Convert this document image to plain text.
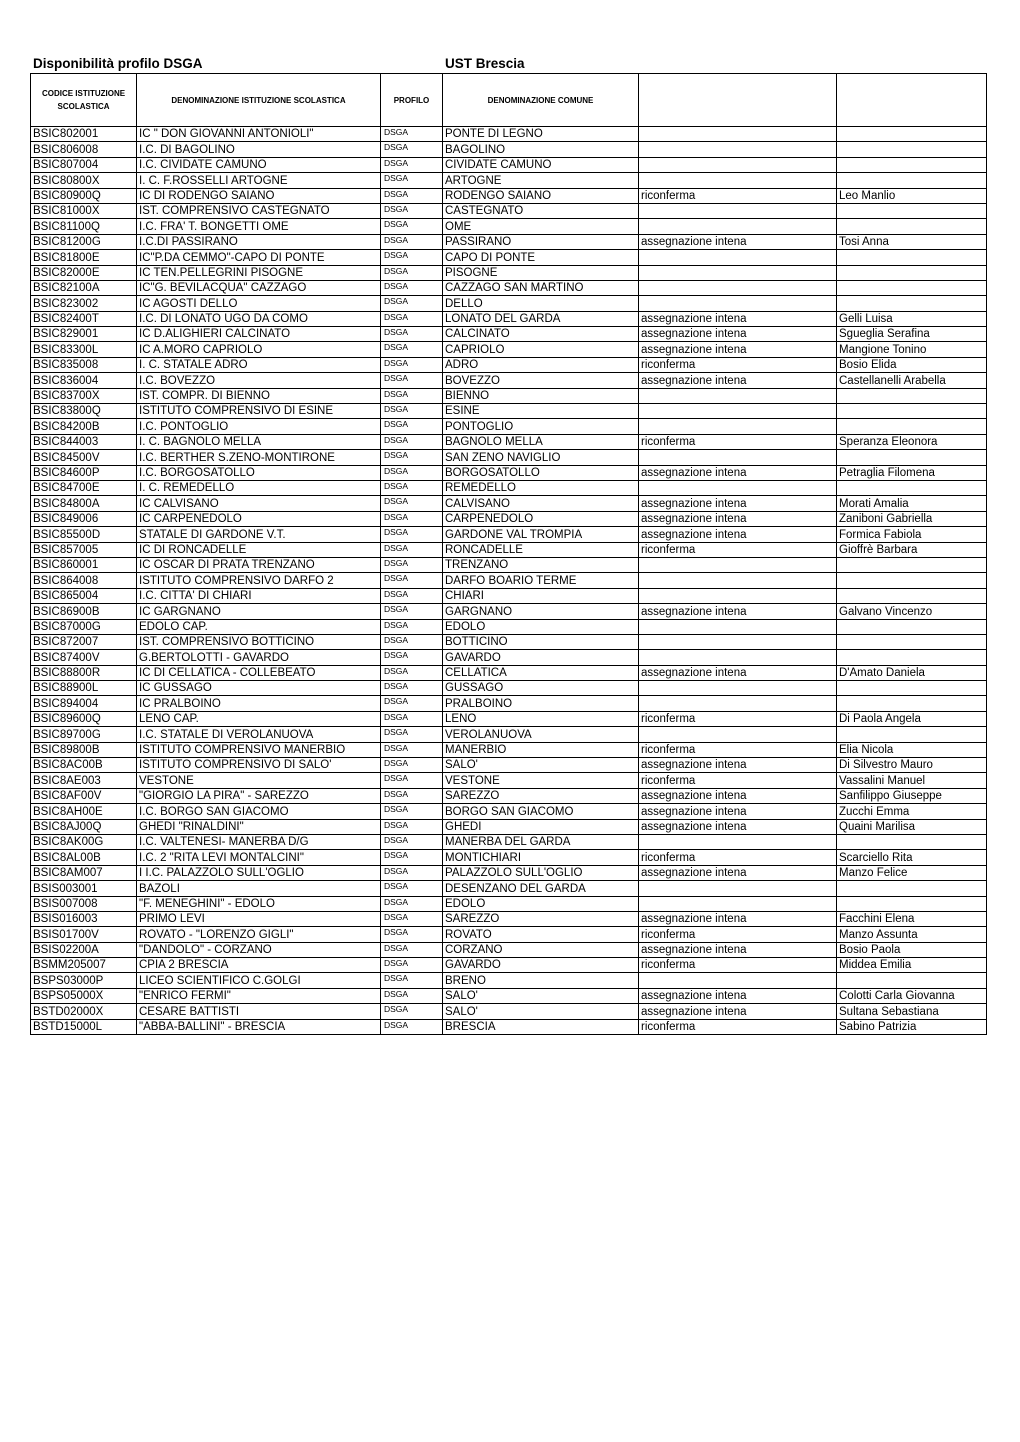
Disponibilità profilo DSGA	UST Brescia
CODICE ISTITUZIONE SCOLASTICA	DENOMINAZIONE ISTITUZIONE SCOLASTICA	PROFILO	DENOMINAZIONE COMUNE		
BSIC802001	IC " DON GIOVANNI ANTONIOLI"	DSGA	PONTE DI LEGNO		
BSIC806008	I.C. DI BAGOLINO	DSGA	BAGOLINO		
BSIC807004	I.C. CIVIDATE CAMUNO	DSGA	CIVIDATE CAMUNO		
BSIC80800X	I. C. F.ROSSELLI ARTOGNE	DSGA	ARTOGNE		
BSIC80900Q	IC DI RODENGO SAIANO	DSGA	RODENGO SAIANO	riconferma	Leo Manlio
BSIC81000X	IST. COMPRENSIVO CASTEGNATO	DSGA	CASTEGNATO		
BSIC81100Q	I.C. FRA' T. BONGETTI OME	DSGA	OME		
BSIC81200G	I.C.DI PASSIRANO	DSGA	PASSIRANO	assegnazione intena	Tosi Anna
BSIC81800E	IC"P.DA CEMMO"-CAPO DI PONTE	DSGA	CAPO DI PONTE		
BSIC82000E	IC TEN.PELLEGRINI PISOGNE	DSGA	PISOGNE		
BSIC82100A	IC"G. BEVILACQUA" CAZZAGO	DSGA	CAZZAGO SAN MARTINO		
BSIC823002	IC AGOSTI DELLO	DSGA	DELLO		
BSIC82400T	I.C. DI LONATO UGO DA COMO	DSGA	LONATO DEL GARDA	assegnazione intena	Gelli Luisa
BSIC829001	IC D.ALIGHIERI CALCINATO	DSGA	CALCINATO	assegnazione intena	Sgueglia Serafina
BSIC83300L	IC A.MORO CAPRIOLO	DSGA	CAPRIOLO	assegnazione intena	Mangione Tonino
BSIC835008	I. C. STATALE ADRO	DSGA	ADRO	riconferma	Bosio Elida
BSIC836004	I.C. BOVEZZO	DSGA	BOVEZZO	assegnazione intena	Castellanelli Arabella
BSIC83700X	IST. COMPR. DI BIENNO	DSGA	BIENNO		
BSIC83800Q	ISTITUTO COMPRENSIVO DI ESINE	DSGA	ESINE		
BSIC84200B	I.C. PONTOGLIO	DSGA	PONTOGLIO		
BSIC844003	I. C. BAGNOLO MELLA	DSGA	BAGNOLO MELLA	riconferma	Speranza Eleonora
BSIC84500V	I.C. BERTHER S.ZENO-MONTIRONE	DSGA	SAN ZENO NAVIGLIO		
BSIC84600P	I.C. BORGOSATOLLO	DSGA	BORGOSATOLLO	assegnazione intena	Petraglia Filomena
BSIC84700E	I. C. REMEDELLO	DSGA	REMEDELLO		
BSIC84800A	IC CALVISANO	DSGA	CALVISANO	assegnazione intena	Morati Amalia
BSIC849006	IC CARPENEDOLO	DSGA	CARPENEDOLO	assegnazione intena	Zaniboni Gabriella
BSIC85500D	STATALE DI GARDONE V.T.	DSGA	GARDONE VAL TROMPIA	assegnazione intena	Formica Fabiola
BSIC857005	IC DI RONCADELLE	DSGA	RONCADELLE	riconferma	Gioffrè Barbara
BSIC860001	IC OSCAR DI PRATA TRENZANO	DSGA	TRENZANO		
BSIC864008	ISTITUTO COMPRENSIVO DARFO 2	DSGA	DARFO BOARIO TERME		
BSIC865004	I.C. CITTA' DI CHIARI	DSGA	CHIARI		
BSIC86900B	IC GARGNANO	DSGA	GARGNANO	assegnazione intena	Galvano Vincenzo
BSIC87000G	EDOLO CAP.	DSGA	EDOLO		
BSIC872007	IST. COMPRENSIVO BOTTICINO	DSGA	BOTTICINO		
BSIC87400V	G.BERTOLOTTI - GAVARDO	DSGA	GAVARDO		
BSIC88800R	IC DI CELLATICA - COLLEBEATO	DSGA	CELLATICA	assegnazione intena	D'Amato Daniela
BSIC88900L	IC GUSSAGO	DSGA	GUSSAGO		
BSIC894004	IC PRALBOINO	DSGA	PRALBOINO		
BSIC89600Q	LENO CAP.	DSGA	LENO	riconferma	Di Paola Angela
BSIC89700G	I.C. STATALE DI VEROLANUOVA	DSGA	VEROLANUOVA		
BSIC89800B	ISTITUTO COMPRENSIVO MANERBIO	DSGA	MANERBIO	riconferma	Elia Nicola
BSIC8AC00B	ISTITUTO COMPRENSIVO DI SALO'	DSGA	SALO'	assegnazione intena	Di Silvestro Mauro
BSIC8AE003	VESTONE	DSGA	VESTONE	riconferma	Vassalini Manuel
BSIC8AF00V	"GIORGIO LA PIRA" - SAREZZO	DSGA	SAREZZO	assegnazione intena	Sanfilippo Giuseppe
BSIC8AH00E	I.C. BORGO SAN GIACOMO	DSGA	BORGO SAN GIACOMO	assegnazione intena	Zucchi Emma
BSIC8AJ00Q	GHEDI "RINALDINI"	DSGA	GHEDI	assegnazione intena	Quaini Marilisa
BSIC8AK00G	I.C. VALTENESI- MANERBA D/G	DSGA	MANERBA DEL GARDA		
BSIC8AL00B	I.C. 2 "RITA LEVI MONTALCINI"	DSGA	MONTICHIARI	riconferma	Scarciello Rita
BSIC8AM007	I I.C. PALAZZOLO SULL'OGLIO	DSGA	PALAZZOLO SULL'OGLIO	assegnazione intena	Manzo Felice
BSIS003001	BAZOLI	DSGA	DESENZANO DEL GARDA		
BSIS007008	"F. MENEGHINI" - EDOLO	DSGA	EDOLO		
BSIS016003	PRIMO LEVI	DSGA	SAREZZO	assegnazione intena	Facchini Elena
BSIS01700V	ROVATO - "LORENZO GIGLI"	DSGA	ROVATO	riconferma	Manzo Assunta
BSIS02200A	"DANDOLO" - CORZANO	DSGA	CORZANO	assegnazione intena	Bosio Paola
BSMM205007	CPIA 2 BRESCIA	DSGA	GAVARDO	riconferma	Middea Emilia
BSPS03000P	LICEO SCIENTIFICO C.GOLGI	DSGA	BRENO		
BSPS05000X	"ENRICO FERMI"	DSGA	SALO'	assegnazione intena	Colotti Carla Giovanna
BSTD02000X	CESARE BATTISTI	DSGA	SALO'	assegnazione intena	Sultana Sebastiana
BSTD15000L	"ABBA-BALLINI" - BRESCIA	DSGA	BRESCIA	riconferma	Sabino Patrizia
